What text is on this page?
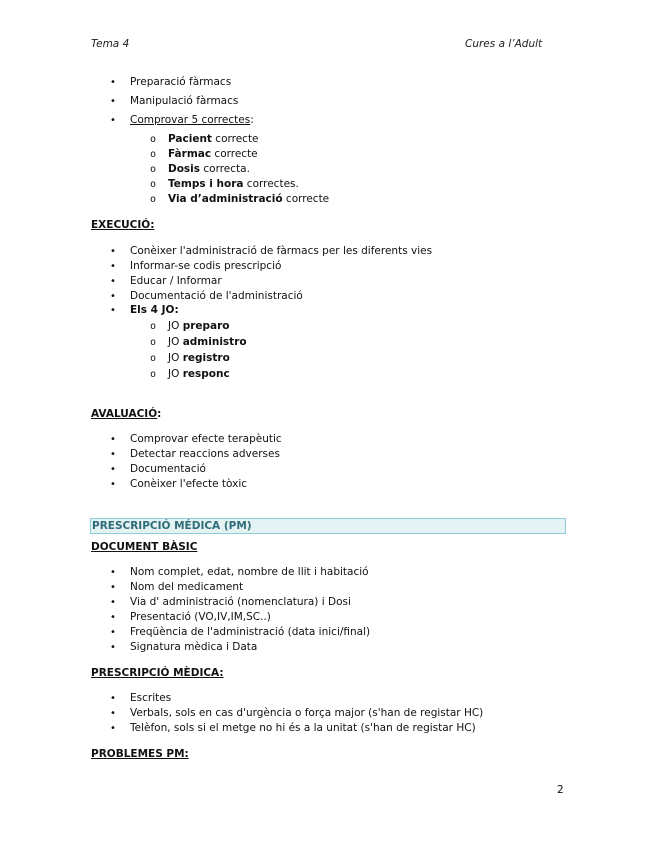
Tema 4	Cures a l’Adult
• Preparació fàrmacs
• Manipulació fàrmacs
• Comprovar 5 correctes:
o Pacient correcte
o Fàrmac correcte
o Dosis correcta.
o Temps i hora correctes.
o Via d’administració correcte
EXECUCIÓ:
• Conèixer l'administració de fàrmacs per les diferents vies
• Informar-se codis prescripció
• Educar / Informar
• Documentació de l'administració
• Els 4 JO:
o JO preparo
o JO administro
o JO registro
o JO responc
AVALUACIÓ:
• Comprovar efecte terapèutic
• Detectar reaccions adverses
• Documentació
• Conèixer l'efecte tòxic
PRESCRIPCIÓ MÉDICA (PM)
DOCUMENT BÀSIC
• Nom complet, edat, nombre de llit i habitació
• Nom del medicament
• Via d' administració (nomenclatura) i Dosi
• Presentació (VO,IV,IM,SC..)
• Freqüència de l'administració (data inici/final)
• Signatura mèdica i Data
PRESCRIPCIÓ MÈDICA:
• Escrites
• Verbals, sols en cas d'urgència o força major (s'han de registar HC)
• Telèfon, sols si el metge no hi és a la unitat (s'han de registar HC)
PROBLEMES PM:
2
